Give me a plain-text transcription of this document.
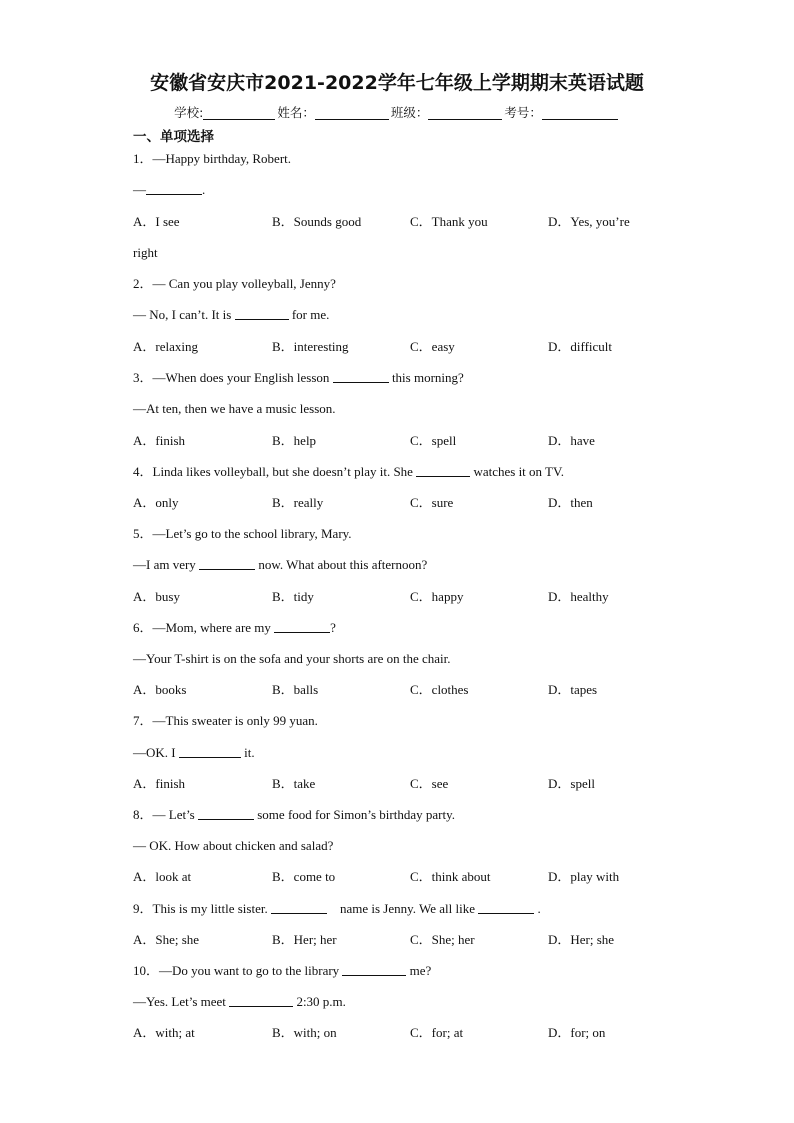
安徽省安庆市2021-2022学年七年级上学期期末英语试题
学校:	姓名：	班级：	考号：
一、单项选择
1．—Happy birthday, Robert.
—	.
A．I see	B．Sounds good	C．Thank you	D．Yes, you’re
right
2．— Can you play volleyball, Jenny?
— No, I can’t. It is	for me.
A．relaxing	B．interesting	C．easy	D．difficult
3．—When does your English lesson	this morning?
—At ten, then we have a music lesson.
A．finish	B．help	C．spell	D．have
4．Linda likes volleyball, but she doesn’t play it. She	watches it on TV.
A．only	B．really	C．sure	D．then
5．—Let’s go to the school library, Mary.
—I am very	now. What about this afternoon?
A．busy	B．tidy	C．happy	D．healthy
6．—Mom, where are my	?
—Your T-shirt is on the sofa and your shorts are on the chair.
A．books	B．balls	C．clothes	D．tapes
7．—This sweater is only 99 yuan.
—OK. I	it.
A．finish	B．take	C．see	D．spell
8．— Let’s	some food for Simon’s birthday party.
— OK. How about chicken and salad?
A．look at	B．come to	C．think about	D．play with
9．This is my little sister.	name is Jenny. We all like	.
A．She; she	B．Her; her	C．She; her	D．Her; she
10．—Do you want to go to the library	me?
—Yes. Let’s meet	2:30 p.m.
A．with; at	B．with; on	C．for; at	D．for; on
